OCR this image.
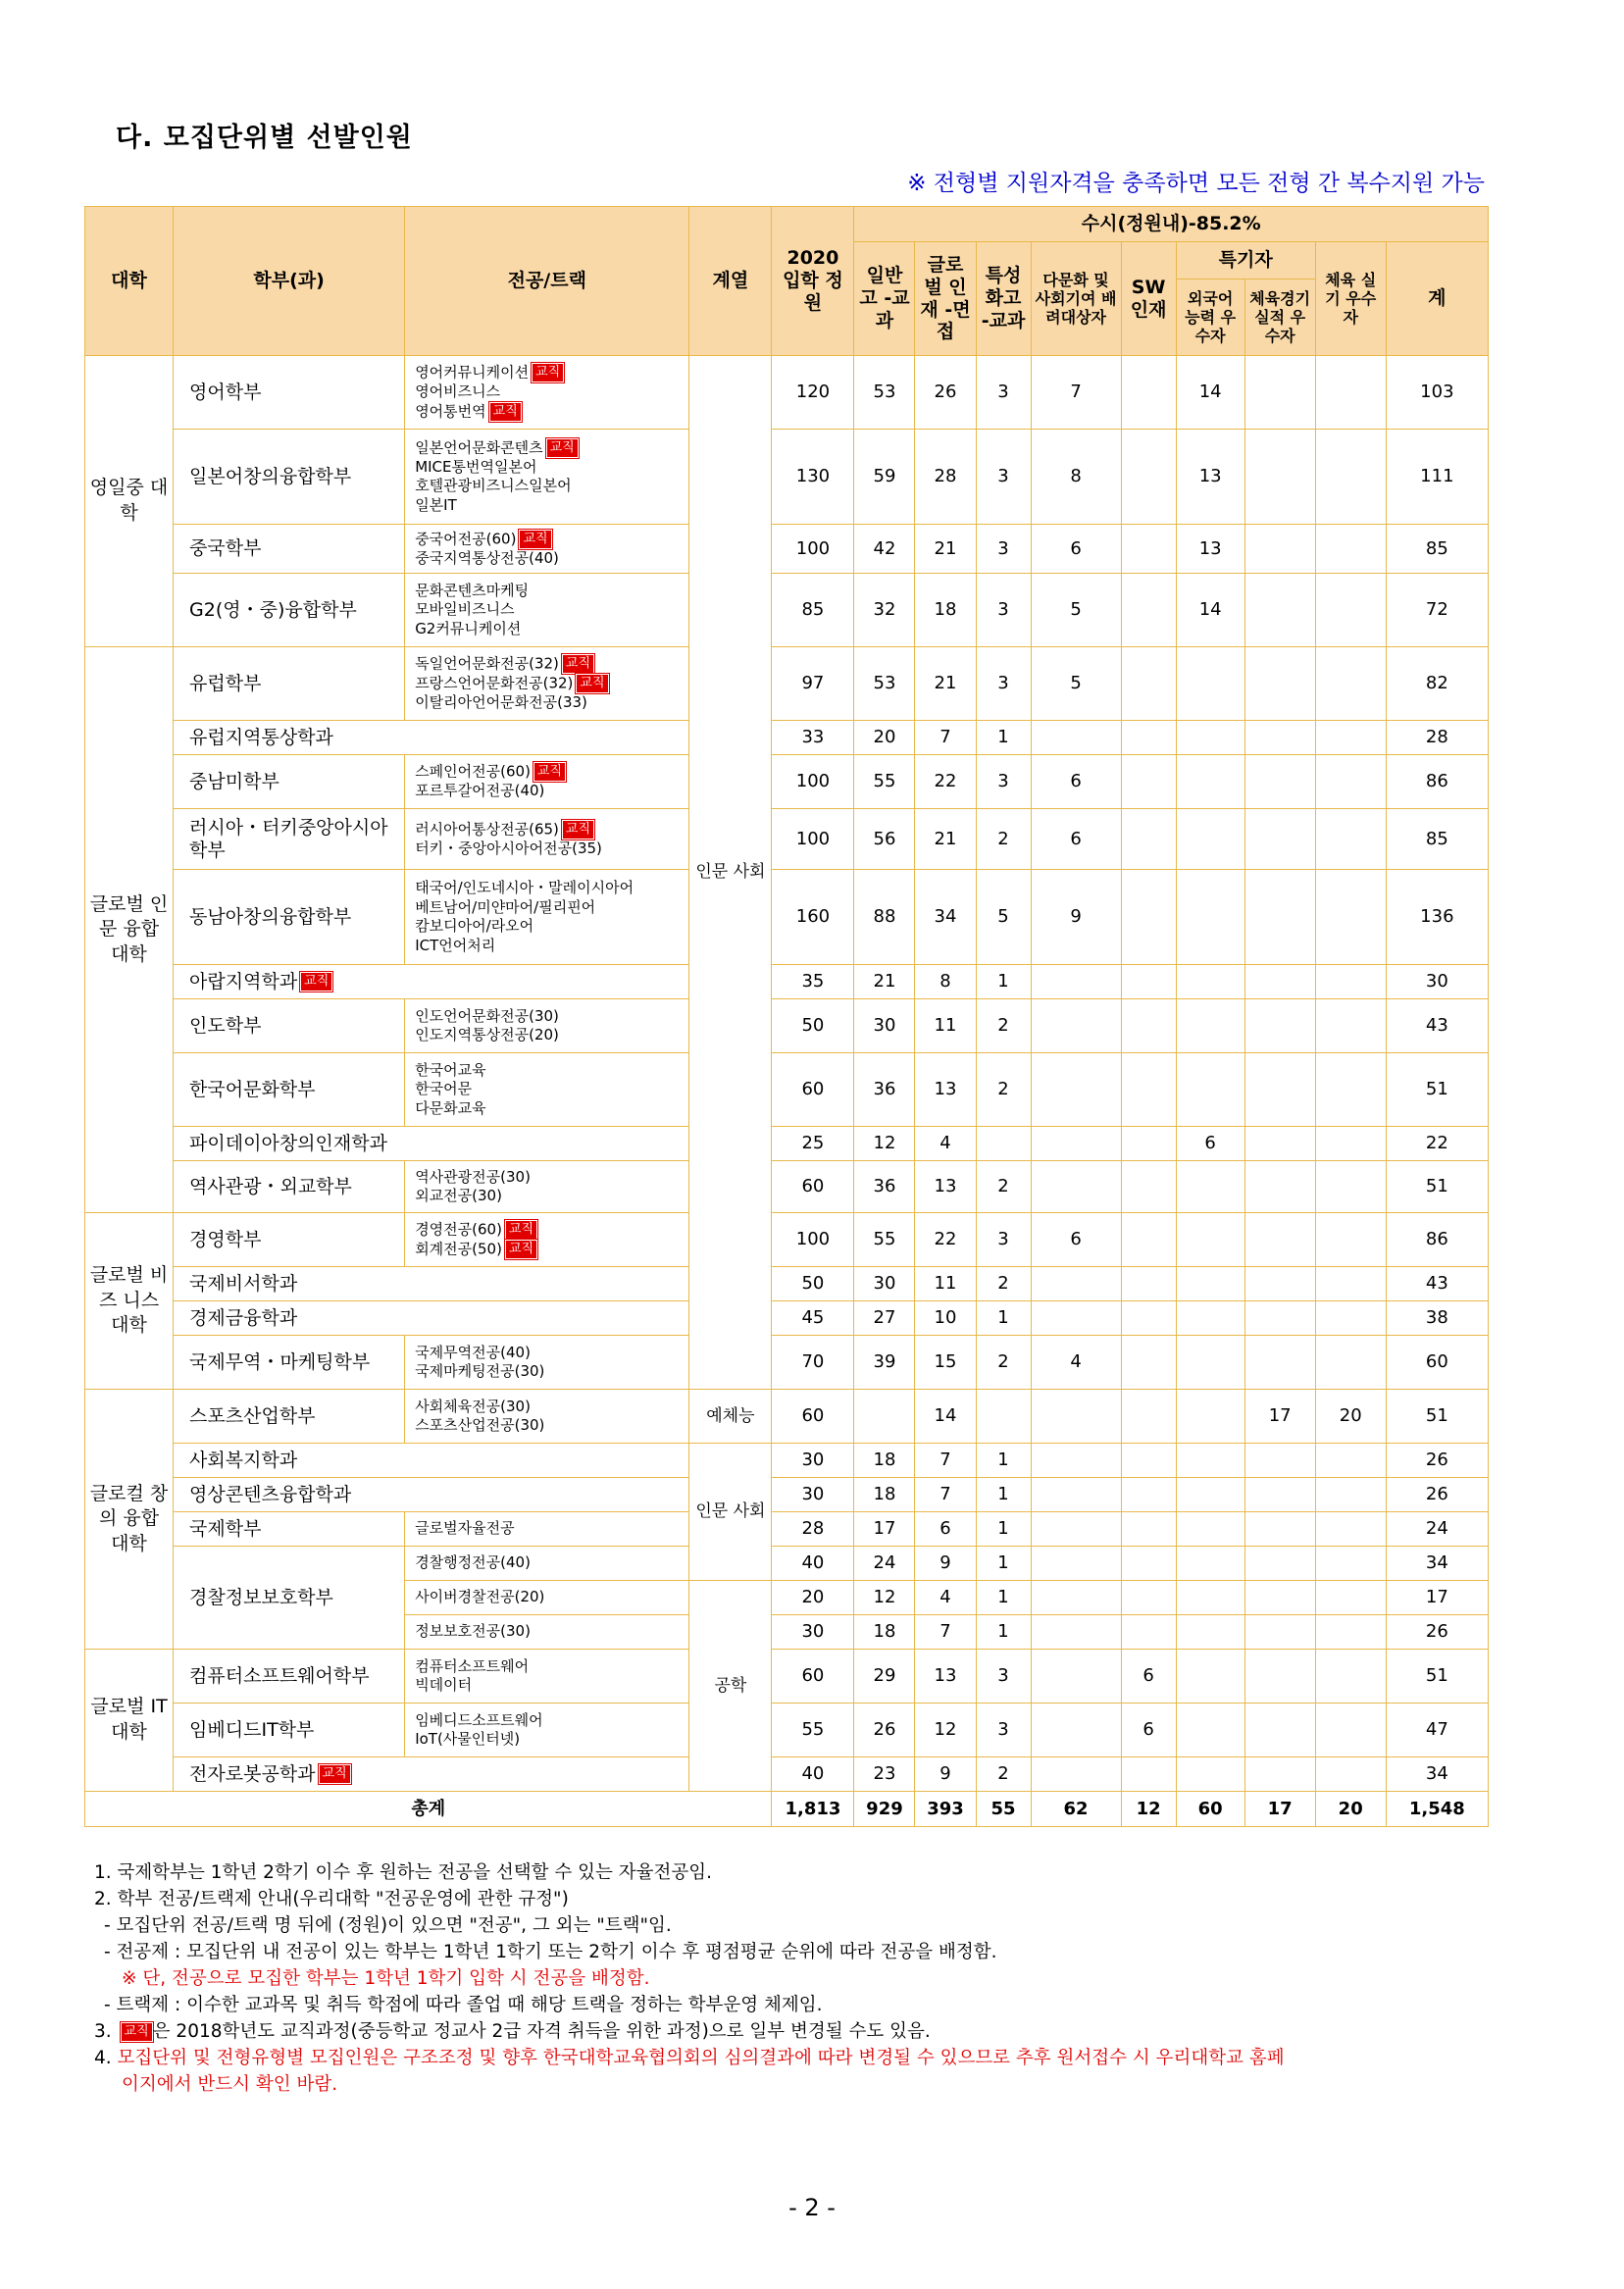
다. 모집단위별 선발인원
※ 전형별 지원자격을 충족하면 모든 전형 간 복수지원 가능
대학	학부(과)	전공/트랙	계열	2020 입학 정원	수시(정원내)-85.2%								
					일반고 -교과	글로벌 인재 -면접	특성 화고 -교과	다문화 및 사회기여 배려대상자	SW 인재	특기자		체육 실기 우수자	계
										외국어 능력 우수자	체육경기 실적 우수자		
영일중 대학	영어학부	영어커뮤니케이션 교직
영어비즈니스
영어통번역 교직	인문 사회	120	53	26	3	7		14			103
	일본어창의융합학부	일본언어문화콘텐츠 교직
MICE통번역일본어
호텔관광비즈니스일본어
일본IT		130	59	28	3	8		13			111
	중국학부	중국어전공(60) 교직
중국지역통상전공(40)		100	42	21	3	6		13			85
	G2(영・중)융합학부	문화콘텐츠마케팅
모바일비즈니스
G2커뮤니케이션		85	32	18	3	5		14			72
글로벌 인문 융합 대학	유럽학부	독일언어문화전공(32) 교직
프랑스언어문화전공(32) 교직
이탈리아언어문화전공(33)		97	53	21	3	5					82
	유럽지역통상학과			33	20	7	1						28
	중남미학부	스페인어전공(60) 교직
포르투갈어전공(40)		100	55	22	3	6					86
	러시아・터키중앙아시아학부	러시아어통상전공(65) 교직
터키・중앙아시아어전공(35)		100	56	21	2	6					85
	동남아창의융합학부	태국어/인도네시아・말레이시아어
베트남어/미얀마어/필리핀어
캄보디아어/라오어
ICT언어처리		160	88	34	5	9					136
	아랍지역학과 교직			35	21	8	1						30
	인도학부	인도언어문화전공(30)
인도지역통상전공(20)		50	30	11	2						43
	한국어문화학부	한국어교육
한국어문
다문화교육		60	36	13	2						51
	파이데이아창의인재학과			25	12	4				6			22
	역사관광・외교학부	역사관광전공(30)
외교전공(30)		60	36	13	2						51
글로벌 비즈 니스 대학	경영학부	경영전공(60) 교직
회계전공(50) 교직		100	55	22	3	6					86
	국제비서학과			50	30	11	2						43
	경제금융학과			45	27	10	1						38
	국제무역・마케팅학부	국제무역전공(40)
국제마케팅전공(30)		70	39	15	2	4					60
글로컬 창의 융합 대학	스포츠산업학부	사회체육전공(30)
스포츠산업전공(30)	예체능	60		14					17	20	51
	사회복지학과		인문 사회	30	18	7	1						26
	영상콘텐츠융합학과			30	18	7	1						26
	국제학부	글로벌자율전공		28	17	6	1						24
	경찰정보보호학부	경찰행정전공(40)		40	24	9	1						34

		사이버경찰전공(20)	공학	20	12	4	1						17

		정보보호전공(30)		30	18	7	1						26
글로벌 IT 대학	컴퓨터소프트웨어학부	컴퓨터소프트웨어
빅데이터		60	29	13	3		6				51
	임베디드IT학부	임베디드소프트웨어
IoT(사물인터넷)		55	26	12	3		6				47
	전자로봇공학과 교직			40	23	9	2						34
총계				1,813	929	393	55	62	12	60	17	20	1,548

1. 국제학부는 1학년 2학기 이수 후 원하는 전공을 선택할 수 있는 자율전공임.

2. 학부 전공/트랙제 안내(우리대학 "전공운영에 관한 규정")

- 모집단위 전공/트랙 명 뒤에 (정원)이 있으면 "전공", 그 외는 "트랙"임.

- 전공제 : 모집단위 내 전공이 있는 학부는 1학년 1학기 또는 2학기 이수 후 평점평균 순위에 따라 전공을 배정함.

※ 단, 전공으로 모집한 학부는 1학년 1학기 입학 시 전공을 배정함.

- 트랙제 : 이수한 교과목 및 취득 학점에 따라 졸업 때 해당 트랙을 정하는 학부운영 체제임.

3. 교직 은 2018학년도 교직과정(중등학교 정교사 2급 자격 취득을 위한 과정)으로 일부 변경될 수도 있음.

4. 모집단위 및 전형유형별 모집인원은 구조조정 및 향후 한국대학교육협의회의 심의결과에 따라 변경될 수 있으므로 추후 원서접수 시 우리대학교 홈페

이지에서 반드시 확인 바람.

- 2 -
